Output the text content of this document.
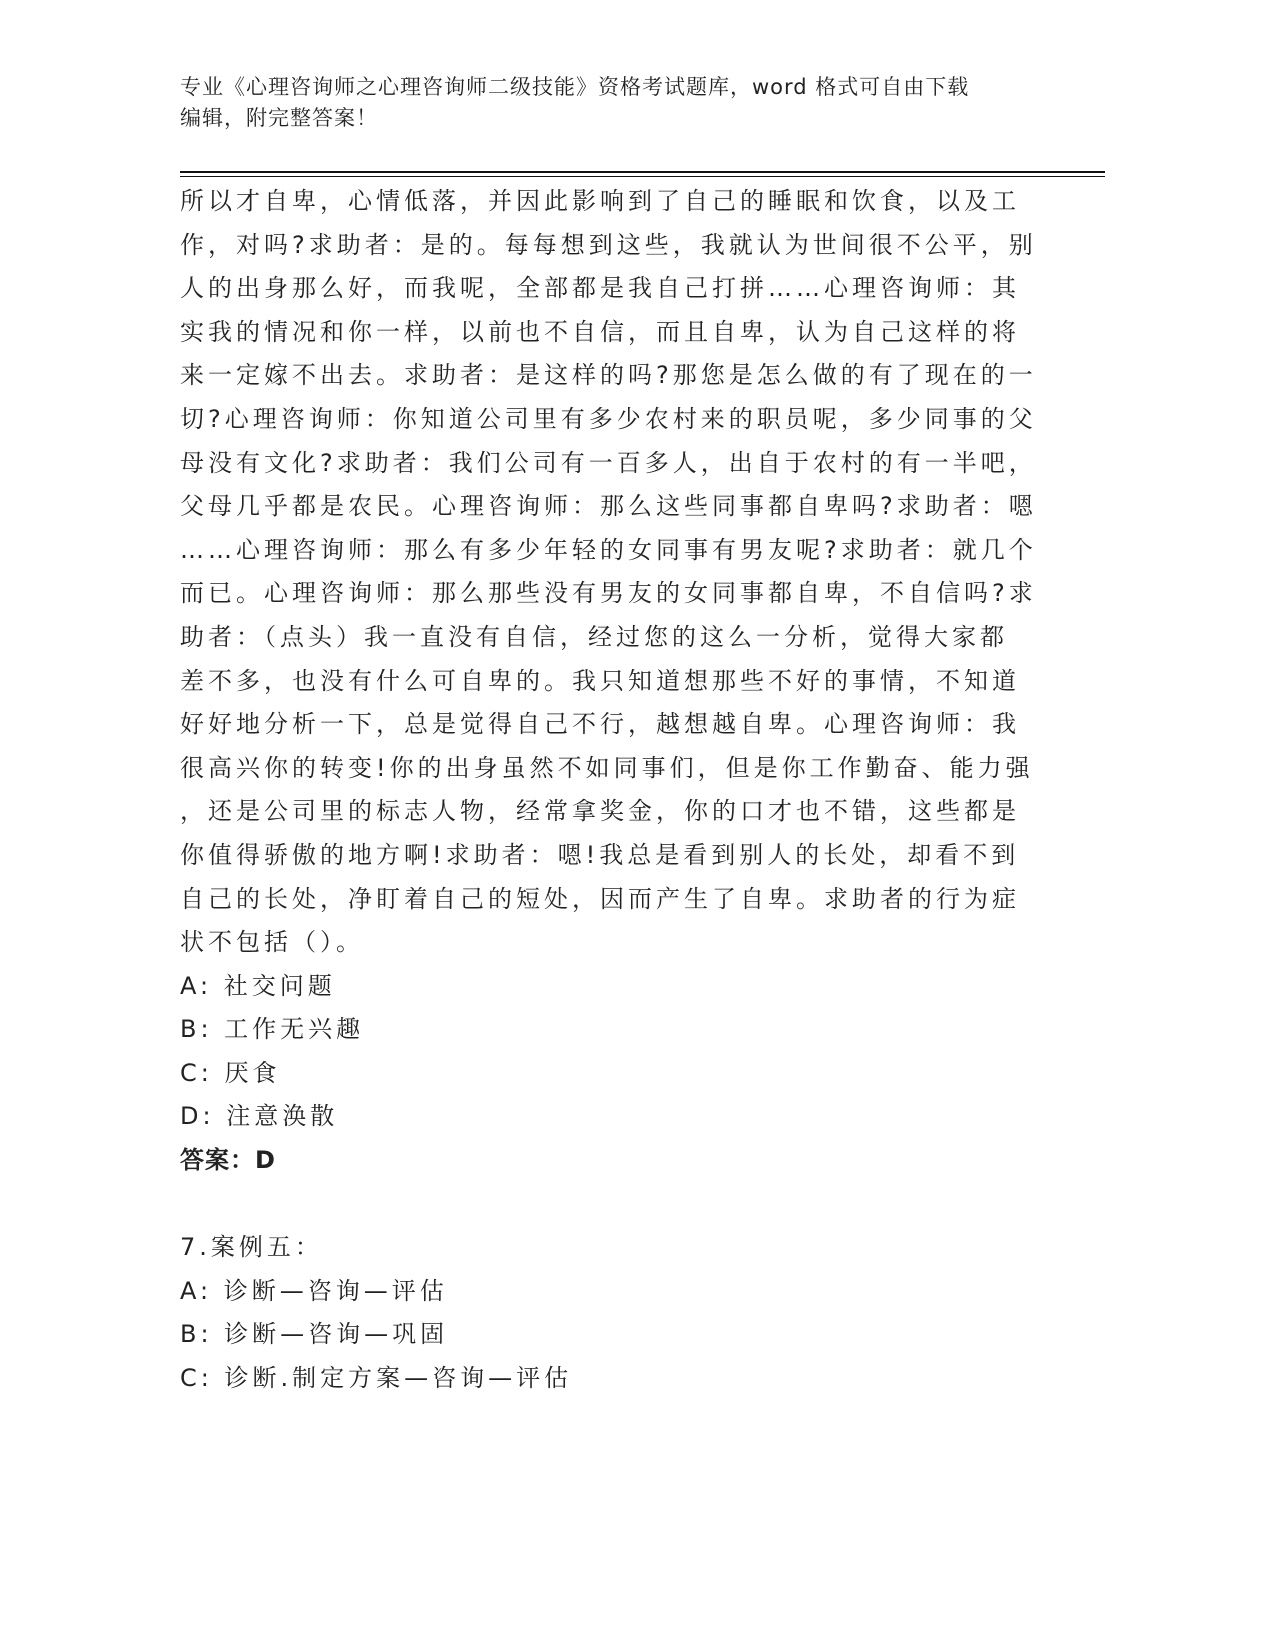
专业《心理咨询师之心理咨询师二级技能》资格考试题库，word 格式可自由下载
编辑，附完整答案！
所以才自卑，心情低落，并因此影响到了自己的睡眠和饮食，以及工
作，对吗?求助者：是的。每每想到这些，我就认为世间很不公平，别
人的出身那么好，而我呢，全部都是我自己打拼……心理咨询师：其
实我的情况和你一样，以前也不自信，而且自卑，认为自己这样的将
来一定嫁不出去。求助者：是这样的吗?那您是怎么做的有了现在的一
切?心理咨询师：你知道公司里有多少农村来的职员呢，多少同事的父
母没有文化?求助者：我们公司有一百多人，出自于农村的有一半吧，
父母几乎都是农民。心理咨询师：那么这些同事都自卑吗?求助者：嗯
……心理咨询师：那么有多少年轻的女同事有男友呢?求助者：就几个
而已。心理咨询师：那么那些没有男友的女同事都自卑，不自信吗?求
助者：（点头）我一直没有自信，经过您的这么一分析，觉得大家都
差不多，也没有什么可自卑的。我只知道想那些不好的事情，不知道
好好地分析一下，总是觉得自己不行，越想越自卑。心理咨询师：我
很高兴你的转变!你的出身虽然不如同事们，但是你工作勤奋、能力强
，还是公司里的标志人物，经常拿奖金，你的口才也不错，这些都是
你值得骄傲的地方啊!求助者：嗯!我总是看到别人的长处，却看不到
自己的长处，净盯着自己的短处，因而产生了自卑。求助者的行为症
状不包括（）。
A: 社交问题
B: 工作无兴趣
C: 厌食
D: 注意涣散
答案：D
7.案例五：
A: 诊断—咨询—评估
B: 诊断—咨询—巩固
C: 诊断.制定方案—咨询—评估
